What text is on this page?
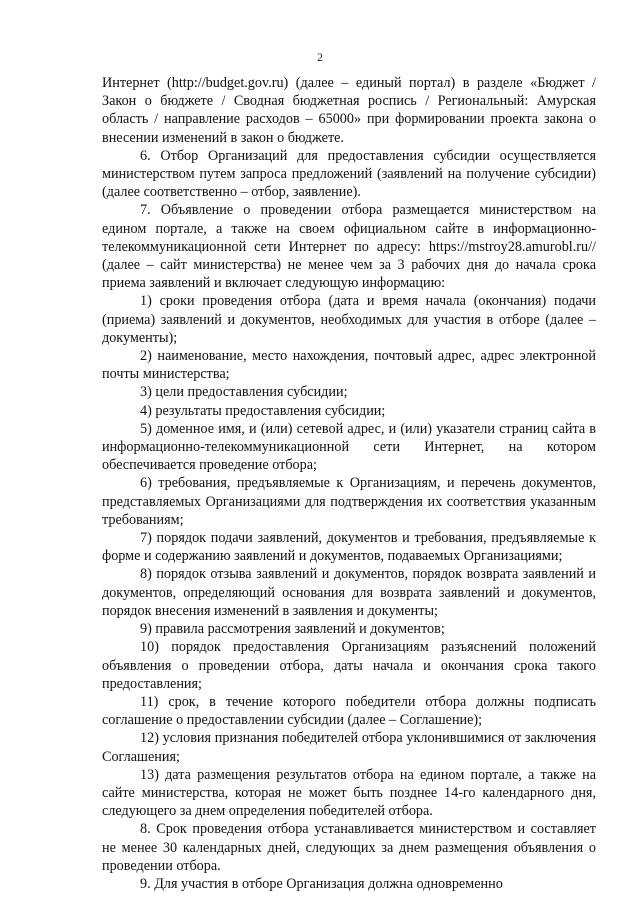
2

Интернет (http://budget.gov.ru) (далее – единый портал) в разделе «Бюджет / Закон о бюджете / Сводная бюджетная роспись / Региональный: Амурская область / направление расходов – 65000» при формировании проекта закона о внесении изменений в закон о бюджете.

6. Отбор Организаций для предоставления субсидии осуществляется министерством путем запроса предложений (заявлений на получение субсидии) (далее соответственно – отбор, заявление).

7. Объявление о проведении отбора размещается министерством на едином портале, а также на своем официальном сайте в информационно-телекоммуникационной сети Интернет по адресу: https://mstroy28.amurobl.ru// (далее – сайт министерства) не менее чем за 3 рабочих дня до начала срока приема заявлений и включает следующую информацию:

1) сроки проведения отбора (дата и время начала (окончания) подачи (приема) заявлений и документов, необходимых для участия в отборе (далее – документы);

2) наименование, место нахождения, почтовый адрес, адрес электронной почты министерства;

3) цели предоставления субсидии;

4) результаты предоставления субсидии;

5) доменное имя, и (или) сетевой адрес, и (или) указатели страниц сайта в информационно-телекоммуникационной сети Интернет, на котором обеспечивается проведение отбора;

6) требования, предъявляемые к Организациям, и перечень документов, представляемых Организациями для подтверждения их соответствия указанным требованиям;

7) порядок подачи заявлений, документов и требования, предъявляемые к форме и содержанию заявлений и документов, подаваемых Организациями;

8) порядок отзыва заявлений и документов, порядок возврата заявлений и документов, определяющий основания для возврата заявлений и документов, порядок внесения изменений в заявления и документы;

9) правила рассмотрения заявлений и документов;

10) порядок предоставления Организациям разъяснений положений объявления о проведении отбора, даты начала и окончания срока такого предоставления;

11) срок, в течение которого победители отбора должны подписать соглашение о предоставлении субсидии (далее – Соглашение);

12) условия признания победителей отбора уклонившимися от заключения Соглашения;

13) дата размещения результатов отбора на едином портале, а также на сайте министерства, которая не может быть позднее 14-го календарного дня, следующего за днем определения победителей отбора.

8. Срок проведения отбора устанавливается министерством и составляет не менее 30 календарных дней, следующих за днем размещения объявления о проведении отбора.

9. Для участия в отборе Организация должна одновременно
